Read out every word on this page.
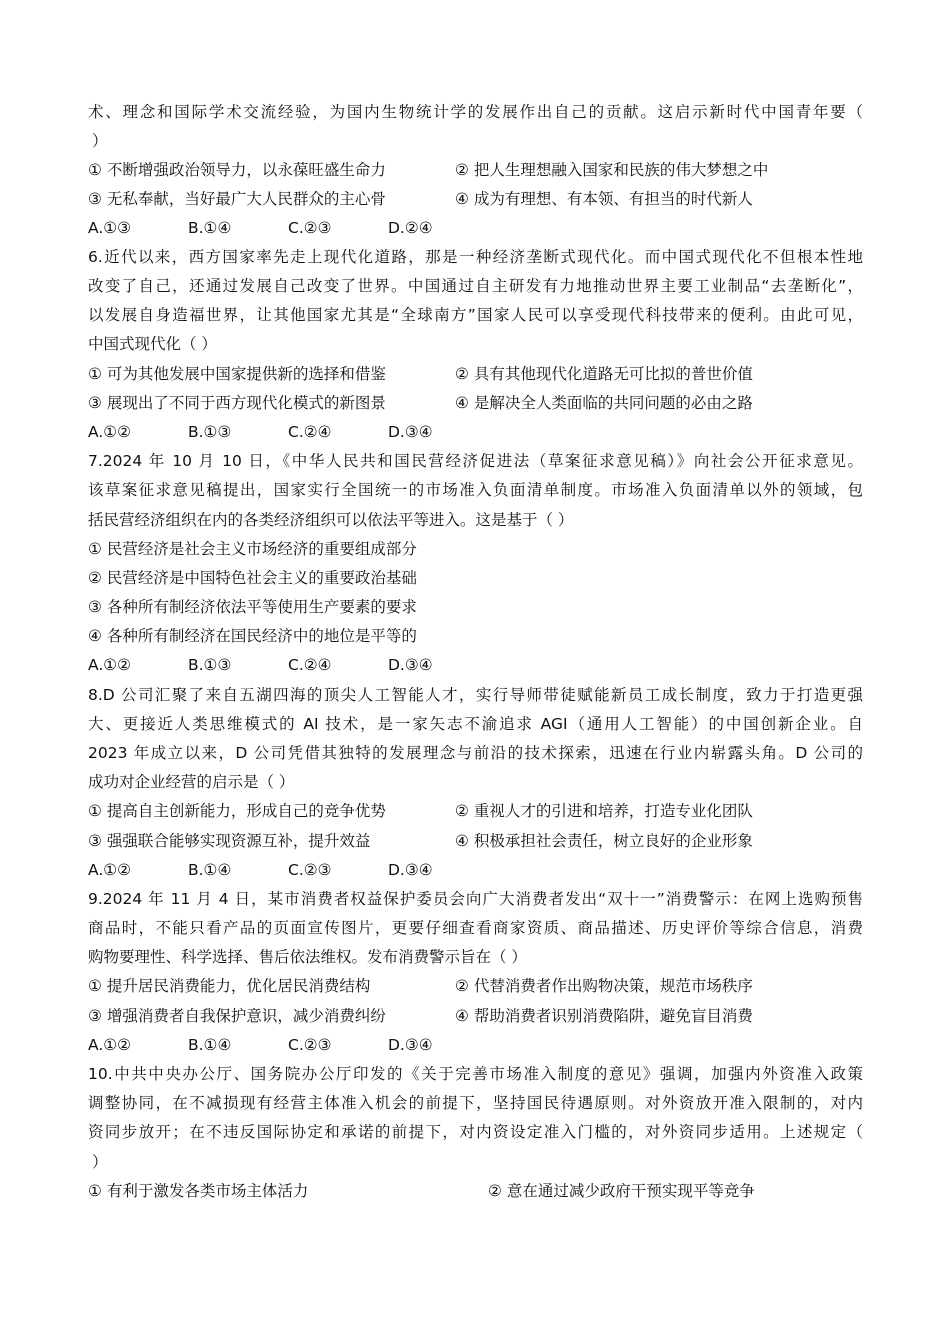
术、理念和国际学术交流经验，为国内生物统计学的发展作出自己的贡献。这启示新时代中国青年要（
）
① 不断增强政治领导力，以永葆旺盛生命力	② 把人生理想融入国家和民族的伟大梦想之中
③ 无私奉献，当好最广大人民群众的主心骨	④ 成为有理想、有本领、有担当的时代新人
A.①③	B.①④	C.②③	D.②④
6.近代以来，西方国家率先走上现代化道路，那是一种经济垄断式现代化。而中国式现代化不但根本性地
改变了自己，还通过发展自己改变了世界。中国通过自主研发有力地推动世界主要工业制品“去垄断化”，
以发展自身造福世界，让其他国家尤其是“全球南方”国家人民可以享受现代科技带来的便利。由此可见，
中国式现代化（ ）
① 可为其他发展中国家提供新的选择和借鉴	② 具有其他现代化道路无可比拟的普世价值
③ 展现出了不同于西方现代化模式的新图景	④ 是解决全人类面临的共同问题的必由之路
A.①②	B.①③	C.②④	D.③④
7.2024 年 10 月 10 日，《中华人民共和国民营经济促进法（草案征求意见稿）》向社会公开征求意见。
该草案征求意见稿提出，国家实行全国统一的市场准入负面清单制度。市场准入负面清单以外的领域，包
括民营经济组织在内的各类经济组织可以依法平等进入。这是基于（ ）
① 民营经济是社会主义市场经济的重要组成部分
② 民营经济是中国特色社会主义的重要政治基础
③ 各种所有制经济依法平等使用生产要素的要求
④ 各种所有制经济在国民经济中的地位是平等的
A.①②	B.①③	C.②④	D.③④
8.D 公司汇聚了来自五湖四海的顶尖人工智能人才，实行导师带徒赋能新员工成长制度，致力于打造更强
大、更接近人类思维模式的 AI 技术，是一家矢志不渝追求 AGI（通用人工智能）的中国创新企业。自
2023 年成立以来，D 公司凭借其独特的发展理念与前沿的技术探索，迅速在行业内崭露头角。D 公司的
成功对企业经营的启示是（ ）
① 提高自主创新能力，形成自己的竞争优势	② 重视人才的引进和培养，打造专业化团队
③ 强强联合能够实现资源互补，提升效益	④ 积极承担社会责任，树立良好的企业形象
A.①②	B.①④	C.②③	D.③④
9.2024 年 11 月 4 日，某市消费者权益保护委员会向广大消费者发出“双十一”消费警示：在网上选购预售
商品时，不能只看产品的页面宣传图片，更要仔细查看商家资质、商品描述、历史评价等综合信息，消费
购物要理性、科学选择、售后依法维权。发布消费警示旨在（ ）
① 提升居民消费能力，优化居民消费结构	② 代替消费者作出购物决策，规范市场秩序
③ 增强消费者自我保护意识，减少消费纠纷	④ 帮助消费者识别消费陷阱，避免盲目消费
A.①②	B.①④	C.②③	D.③④
10.中共中央办公厅、国务院办公厅印发的《关于完善市场准入制度的意见》强调，加强内外资准入政策
调整协同，在不减损现有经营主体准入机会的前提下，坚持国民待遇原则。对外资放开准入限制的，对内
资同步放开；在不违反国际协定和承诺的前提下，对内资设定准入门槛的，对外资同步适用。上述规定（
）
① 有利于激发各类市场主体活力	② 意在通过减少政府干预实现平等竞争
